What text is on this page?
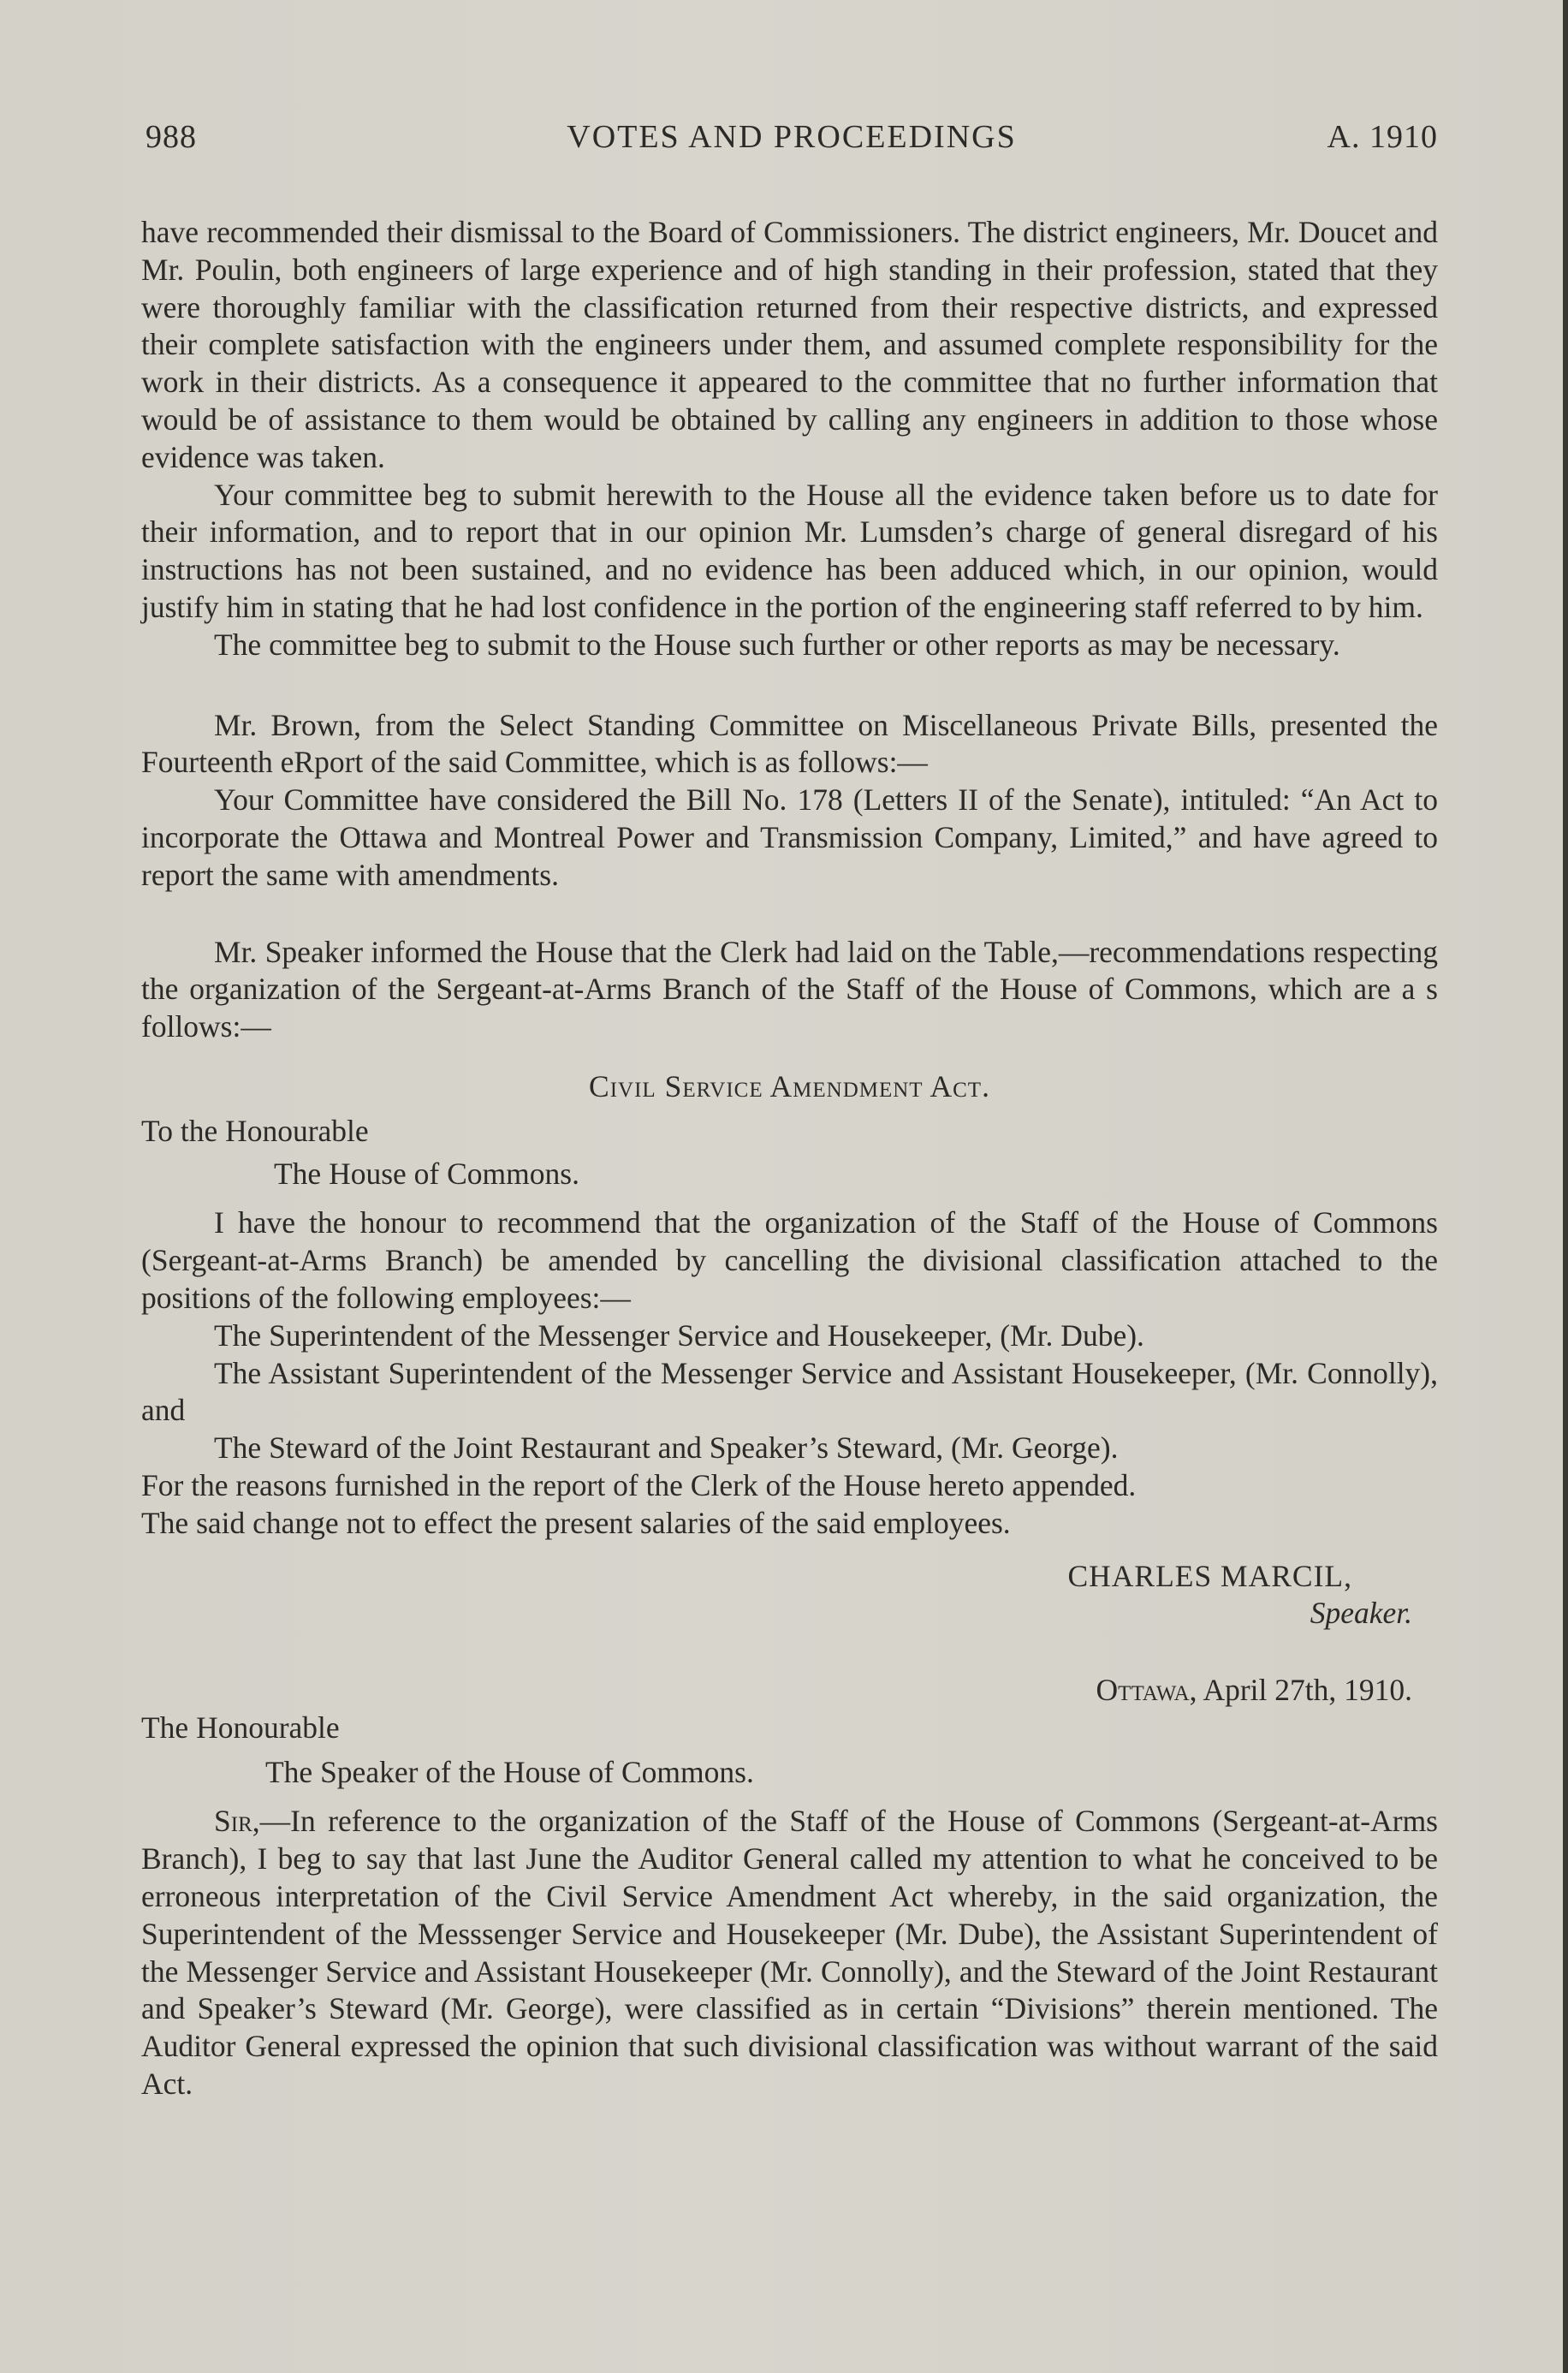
988	VOTES AND PROCEEDINGS	A. 1910

have recommended their dismissal to the Board of Commissioners. The district engineers, Mr. Doucet and Mr. Poulin, both engineers of large experience and of high standing in their profession, stated that they were thoroughly familiar with the classification returned from their respective districts, and expressed their complete satisfaction with the engineers under them, and assumed complete responsibility for the work in their districts. As a consequence it appeared to the committee that no further information that would be of assistance to them would be obtained by calling any engineers in addition to those whose evidence was taken.

Your committee beg to submit herewith to the House all the evidence taken before us to date for their information, and to report that in our opinion Mr. Lumsden’s charge of general disregard of his instructions has not been sustained, and no evidence has been adduced which, in our opinion, would justify him in stating that he had lost confidence in the portion of the engineering staff referred to by him.

The committee beg to submit to the House such further or other reports as may be necessary.

Mr. Brown, from the Select Standing Committee on Miscellaneous Private Bills, presented the Fourteenth eRport of the said Committee, which is as follows:—

Your Committee have considered the Bill No. 178 (Letters II of the Senate), intituled: “An Act to incorporate the Ottawa and Montreal Power and Transmission Company, Limited,” and have agreed to report the same with amendments.

Mr. Speaker informed the House that the Clerk had laid on the Table,—recommendations respecting the organization of the Sergeant-at-Arms Branch of the Staff of the House of Commons, which are a s follows:—

Civil Service Amendment Act.

To the Honourable

The House of Commons.

I have the honour to recommend that the organization of the Staff of the House of Commons (Sergeant-at-Arms Branch) be amended by cancelling the divisional classification attached to the positions of the following employees:—

The Superintendent of the Messenger Service and Housekeeper, (Mr. Dube).

The Assistant Superintendent of the Messenger Service and Assistant Housekeeper, (Mr. Connolly), and

The Steward of the Joint Restaurant and Speaker’s Steward, (Mr. George).

For the reasons furnished in the report of the Clerk of the House hereto appended.

The said change not to effect the present salaries of the said employees.

CHARLES MARCIL,

Speaker.

Ottawa, April 27th, 1910.

The Honourable

The Speaker of the House of Commons.

Sir,—In reference to the organization of the Staff of the House of Commons (Sergeant-at-Arms Branch), I beg to say that last June the Auditor General called my attention to what he conceived to be erroneous interpretation of the Civil Service Amendment Act whereby, in the said organization, the Superintendent of the Messsenger Service and Housekeeper (Mr. Dube), the Assistant Superintendent of the Messenger Service and Assistant Housekeeper (Mr. Connolly), and the Steward of the Joint Restaurant and Speaker’s Steward (Mr. George), were classified as in certain “Divisions” therein mentioned. The Auditor General expressed the opinion that such divisional classification was without warrant of the said Act.
